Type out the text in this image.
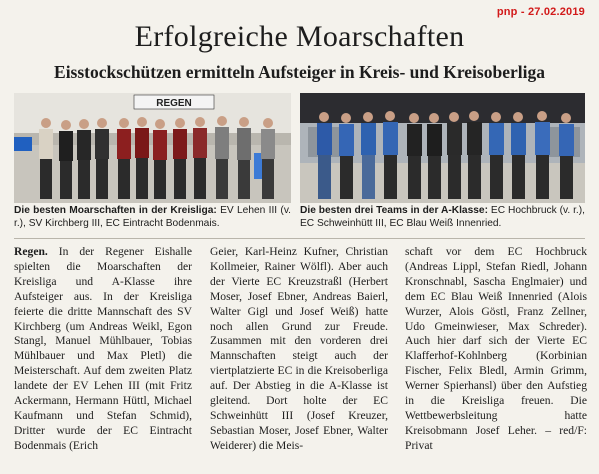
pnp - 27.02.2019
Erfolgreiche Moarschaften
Eisstockschützen ermitteln Aufsteiger in Kreis- und Kreisoberliga
REGEN

Die besten Moarschaften in der Kreisliga: EV Lehen III (v. r.), SV Kirchberg III, EC Eintracht Bodenmais.

Die besten drei Teams in der A-Klasse: EC Hochbruck (v. r.), EC Schweinhütt III, EC Blau Weiß Innenried.

Regen. In der Regener Eishalle spielten die Moarschaften der Kreisliga und A-Klasse ihre Aufsteiger aus. In der Kreisliga feierte die dritte Mannschaft des SV Kirchberg (um Andreas Weikl, Egon Stangl, Manuel Mühlbauer, Tobias Mühlbauer und Max Pletl) die Meisterschaft. Auf dem zweiten Platz landete der EV Lehen III (mit Fritz Ackermann, Hermann Hüttl, Michael Kaufmann und Stefan Schmid), Dritter wurde der EC Eintracht Bodenmais (Erich

Geier, Karl-Heinz Kufner, Christian Kollmeier, Rainer Wölfl). Aber auch der Vierte EC Kreuzstraßl (Herbert Moser, Josef Ebner, Andreas Baierl, Walter Gigl und Josef Weiß) hatte noch allen Grund zur Freude. Zusammen mit den vorderen drei Mannschaften steigt auch der viertplatzierte EC in die Kreisoberliga auf. Der Abstieg in die A-Klasse ist gleitend. Dort holte der EC Schweinhütt III (Josef Kreuzer, Sebastian Moser, Josef Ebner, Walter Weiderer) die Meis-

schaft vor dem EC Hochbruck (Andreas Lippl, Stefan Riedl, Johann Kronschnabl, Sascha Englmaier) und dem EC Blau Weiß Innenried (Alois Wurzer, Alois Göstl, Franz Zellner, Udo Gmeinwieser, Max Schreder). Auch hier darf sich der Vierte EC Klafferhof-Kohlnberg (Korbinian Fischer, Felix Bledl, Armin Grimm, Werner Spierhansl) über den Aufstieg in die Kreisliga freuen. Die Wettbewerbsleitung hatte Kreisobmann Josef Leher. – red/F: Privat
